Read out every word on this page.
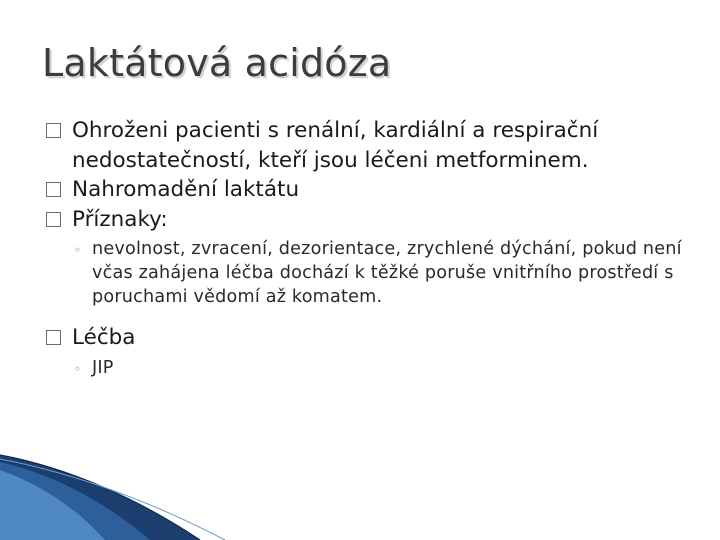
Laktátová acidóza
Ohroženi pacienti s renální, kardiální a respirační nedostatečností, kteří jsou léčeni metforminem.
Nahromadění laktátu
Příznaky:
◦ nevolnost, zvracení, dezorientace, zrychlené dýchání, pokud není včas zahájena léčba dochází k těžké poruše vnitřního prostředí s poruchami vědomí až komatem.
Léčba
◦ JIP
